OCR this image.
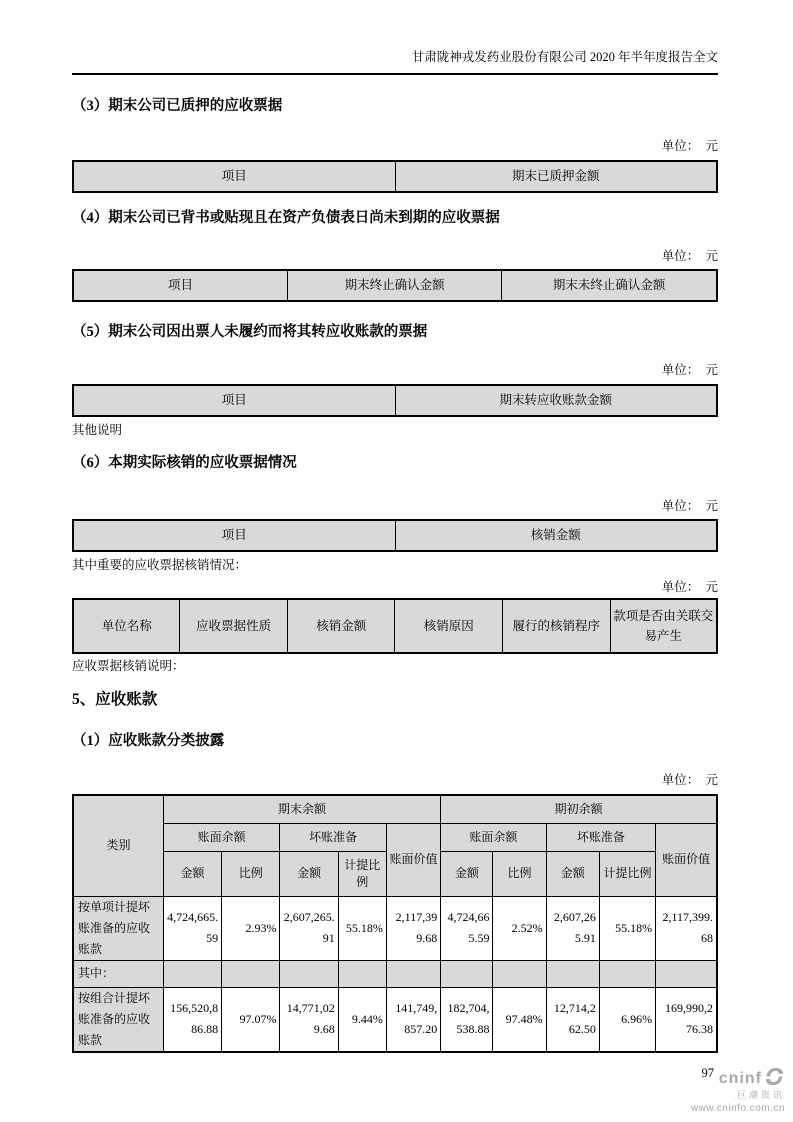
甘肃陇神戎发药业股份有限公司 2020 年半年度报告全文
（3）期末公司已质押的应收票据
单位：　元
项目	期末已质押金额
（4）期末公司已背书或贴现且在资产负债表日尚未到期的应收票据
单位：　元
项目	期末终止确认金额	期末未终止确认金额
（5）期末公司因出票人未履约而将其转应收账款的票据
单位：　元
项目	期末转应收账款金额
其他说明
（6）本期实际核销的应收票据情况
单位：　元
项目	核销金额
其中重要的应收票据核销情况：
单位：　元
单位名称	应收票据性质	核销金额	核销原因	履行的核销程序	款项是否由关联交易产生
应收票据核销说明：
5、应收账款
（1）应收账款分类披露
单位：　元
类别	期末余额					期初余额				
	账面余额		坏账准备		账面价值	账面余额		坏账准备		账面价值
	金额	比例	金额	计提比例		金额	比例	金额	计提比例	
按单项计提坏账准备的应收账款	4,724,665.59	2.93%	2,607,265.91	55.18%	2,117,399.68	4,724,665.59	2.52%	2,607,265.91	55.18%	2,117,399.68
其中：										
按组合计提坏账准备的应收账款	156,520,886.88	97.07%	14,771,029.68	9.44%	141,749,857.20	182,704,538.88	97.48%	12,714,262.50	6.96%	169,990,276.38
97 cninf
巨潮资讯
www.cninfo.com.cn
